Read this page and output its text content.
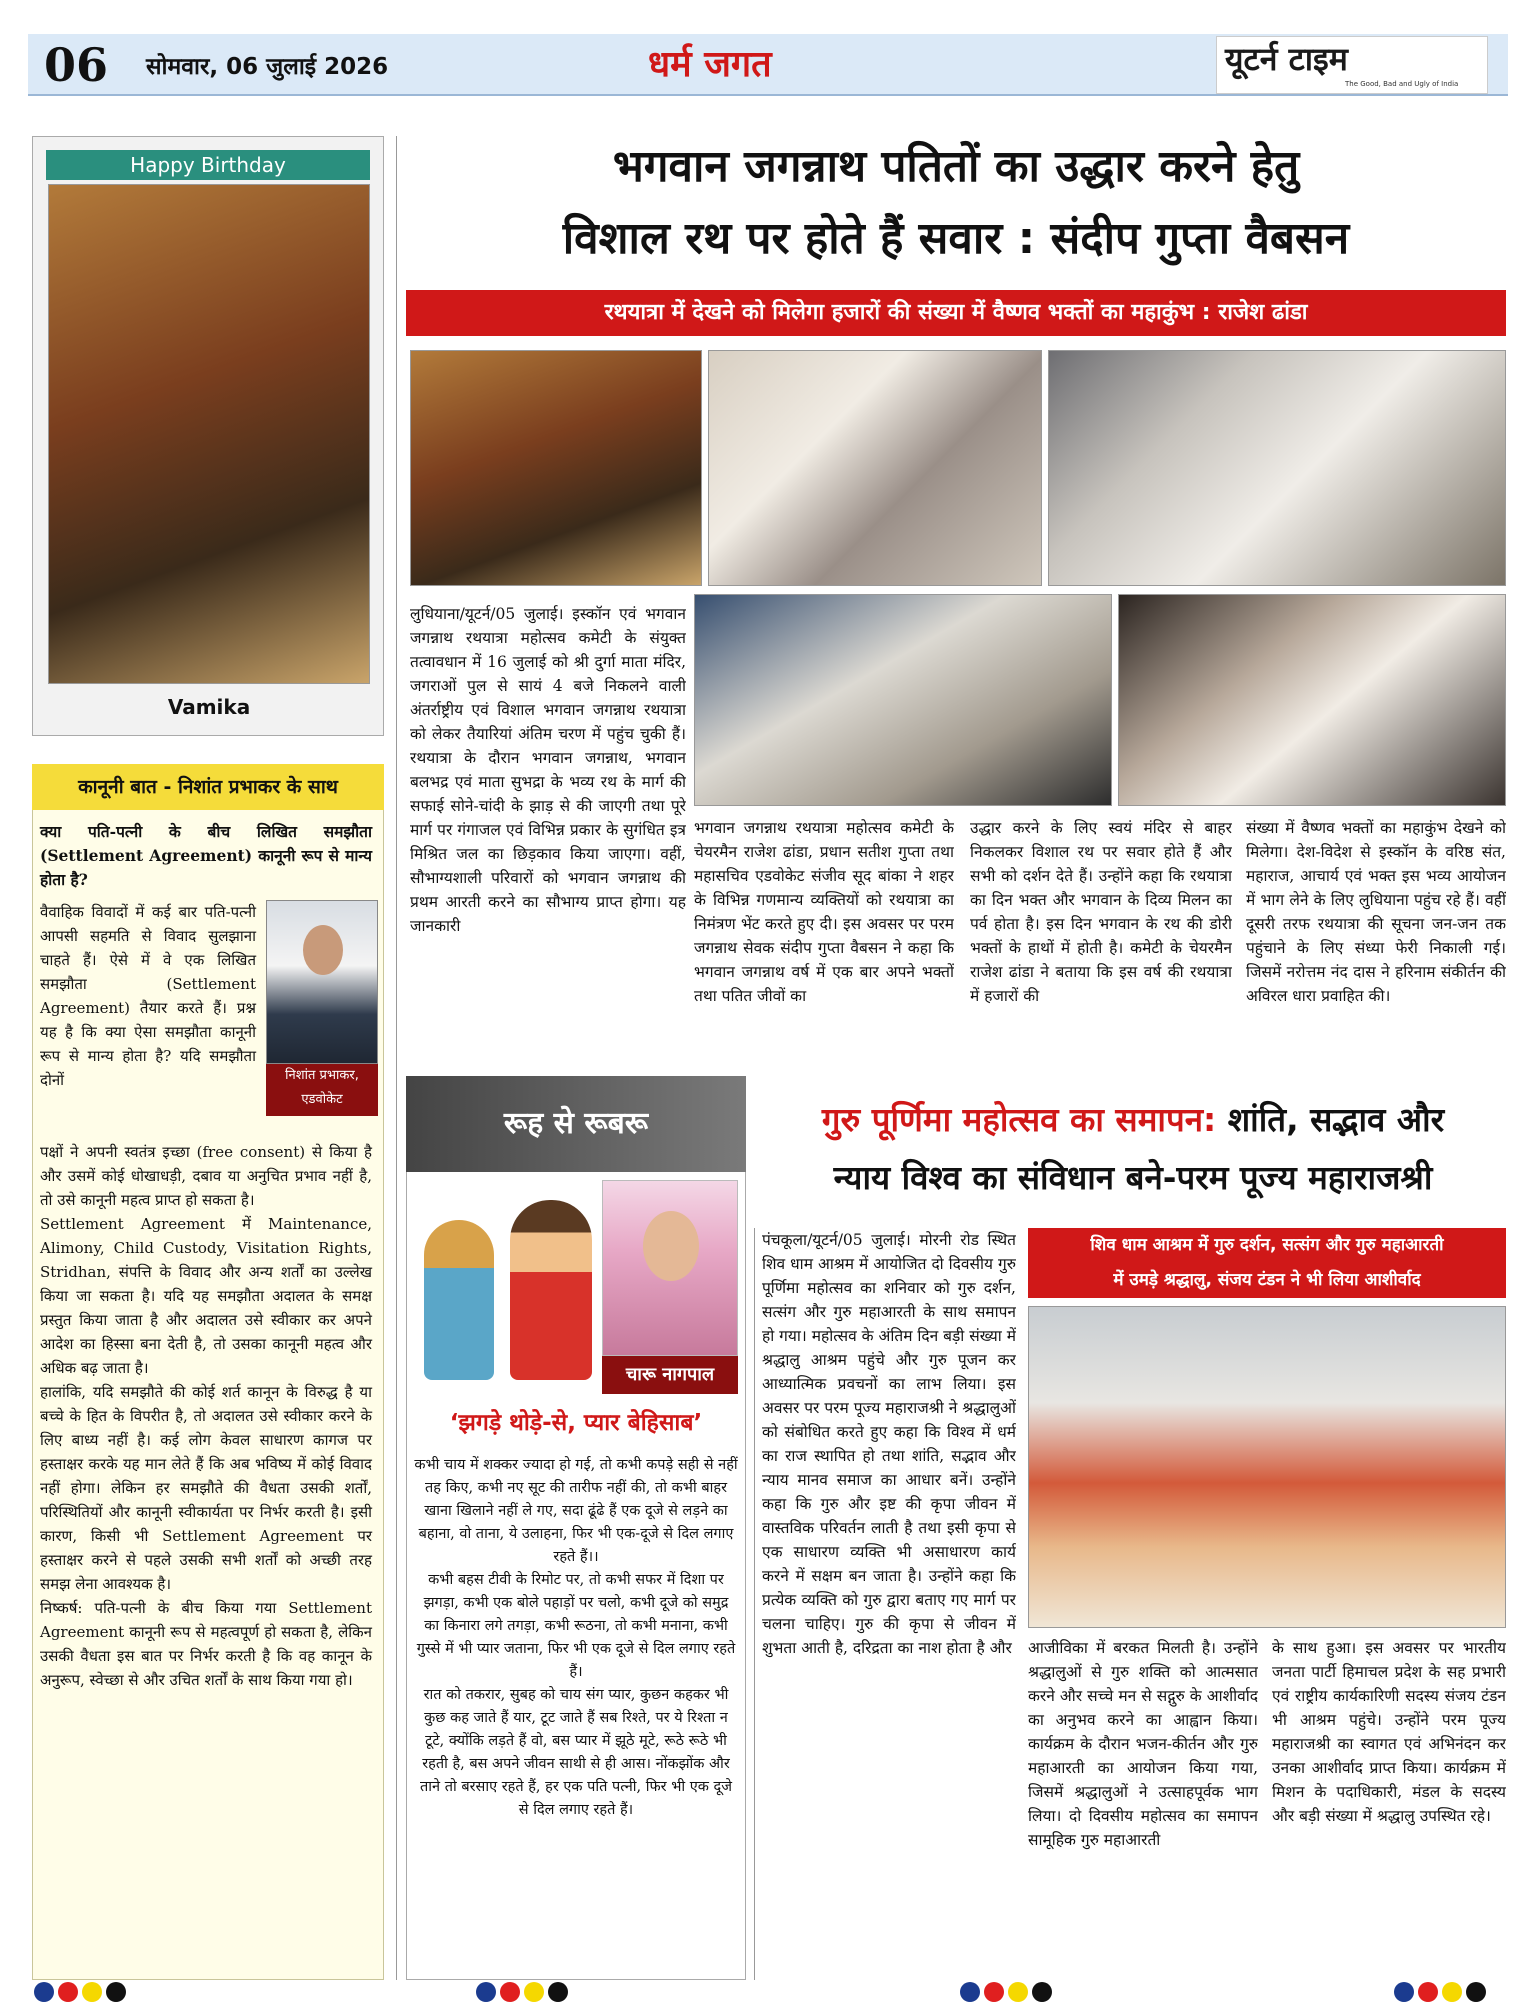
06 सोमवार, 06 जुलाई 2026	धर्म जगत	यूटर्न टाइम
The Good, Bad and Ugly of India
Happy Birthday
Vamika
कानूनी बात - निशांत प्रभाकर के साथ
निशांत प्रभाकर,
एडवोकेट

क्या पति-पत्नी के बीच लिखित समझौता (Settlement Agreement) कानूनी रूप से मान्य होता है?

वैवाहिक विवादों में कई बार पति-पत्नी आपसी सहमति से विवाद सुलझाना चाहते हैं। ऐसे में वे एक लिखित समझौता (Settlement Agreement) तैयार करते हैं। प्रश्न यह है कि क्या ऐसा समझौता कानूनी रूप से मान्य होता है? यदि समझौता दोनों

पक्षों ने अपनी स्वतंत्र इच्छा (free consent) से किया है और उसमें कोई धोखाधड़ी, दबाव या अनुचित प्रभाव नहीं है, तो उसे कानूनी महत्व प्राप्त हो सकता है।

Settlement Agreement में Maintenance, Alimony, Child Custody, Visitation Rights, Stridhan, संपत्ति के विवाद और अन्य शर्तों का उल्लेख किया जा सकता है। यदि यह समझौता अदालत के समक्ष प्रस्तुत किया जाता है और अदालत उसे स्वीकार कर अपने आदेश का हिस्सा बना देती है, तो उसका कानूनी महत्व और अधिक बढ़ जाता है।

हालांकि, यदि समझौते की कोई शर्त कानून के विरुद्ध है या बच्चे के हित के विपरीत है, तो अदालत उसे स्वीकार करने के लिए बाध्य नहीं है। कई लोग केवल साधारण कागज पर हस्ताक्षर करके यह मान लेते हैं कि अब भविष्य में कोई विवाद नहीं होगा। लेकिन हर समझौते की वैधता उसकी शर्तों, परिस्थितियों और कानूनी स्वीकार्यता पर निर्भर करती है। इसी कारण, किसी भी Settlement Agreement पर हस्ताक्षर करने से पहले उसकी सभी शर्तों को अच्छी तरह समझ लेना आवश्यक है।

निष्कर्ष: पति-पत्नी के बीच किया गया Settlement Agreement कानूनी रूप से महत्वपूर्ण हो सकता है, लेकिन उसकी वैधता इस बात पर निर्भर करती है कि वह कानून के अनुरूप, स्वेच्छा से और उचित शर्तों के साथ किया गया हो।

भगवान जगन्नाथ पतितों का उद्धार करने हेतु
विशाल रथ पर होते हैं सवार : संदीप गुप्ता वैबसन
रथयात्रा में देखने को मिलेगा हजारों की संख्या में वैष्णव भक्तों का महाकुंभ : राजेश ढांडा

लुधियाना/यूटर्न/05 जुलाई। इस्कॉन एवं भगवान जगन्नाथ रथयात्रा महोत्सव कमेटी के संयुक्त तत्वावधान में 16 जुलाई को श्री दुर्गा माता मंदिर, जगराओं पुल से सायं 4 बजे निकलने वाली अंतर्राष्ट्रीय एवं विशाल भगवान जगन्नाथ रथयात्रा को लेकर तैयारियां अंतिम चरण में पहुंच चुकी हैं। रथयात्रा के दौरान भगवान जगन्नाथ, भगवान बलभद्र एवं माता सुभद्रा के भव्य रथ के मार्ग की सफाई सोने-चांदी के झाड़ से की जाएगी तथा पूरे मार्ग पर गंगाजल एवं विभिन्न प्रकार के सुगंधित इत्र मिश्रित जल का छिड़काव किया जाएगा। वहीं, सौभाग्यशाली परिवारों को भगवान जगन्नाथ की प्रथम आरती करने का सौभाग्य प्राप्त होगा। यह जानकारी

भगवान जगन्नाथ रथयात्रा महोत्सव कमेटी के चेयरमैन राजेश ढांडा, प्रधान सतीश गुप्ता तथा महासचिव एडवोकेट संजीव सूद बांका ने शहर के विभिन्न गणमान्य व्यक्तियों को रथयात्रा का निमंत्रण भेंट करते हुए दी। इस अवसर पर परम जगन्नाथ सेवक संदीप गुप्ता वैबसन ने कहा कि भगवान जगन्नाथ वर्ष में एक बार अपने भक्तों तथा पतित जीवों का

उद्धार करने के लिए स्वयं मंदिर से बाहर निकलकर विशाल रथ पर सवार होते हैं और सभी को दर्शन देते हैं। उन्होंने कहा कि रथयात्रा का दिन भक्त और भगवान के दिव्य मिलन का पर्व होता है। इस दिन भगवान के रथ की डोरी भक्तों के हाथों में होती है। कमेटी के चेयरमैन राजेश ढांडा ने बताया कि इस वर्ष की रथयात्रा में हजारों की

संख्या में वैष्णव भक्तों का महाकुंभ देखने को मिलेगा। देश-विदेश से इस्कॉन के वरिष्ठ संत, महाराज, आचार्य एवं भक्त इस भव्य आयोजन में भाग लेने के लिए लुधियाना पहुंच रहे हैं। वहीं दूसरी तरफ रथयात्रा की सूचना जन-जन तक पहुंचाने के लिए संध्या फेरी निकाली गई। जिसमें नरोत्तम नंद दास ने हरिनाम संकीर्तन की अविरल धारा प्रवाहित की।

रूह से रूबरू
चारू नागपाल
‘झगड़े थोड़े-से, प्यार बेहिसाब’

कभी चाय में शक्कर ज्यादा हो गई, तो कभी कपड़े सही से नहीं तह किए, कभी नए सूट की तारीफ नहीं की, तो कभी बाहर खाना खिलाने नहीं ले गए, सदा ढूंढे हैं एक दूजे से लड़ने का बहाना, वो ताना, ये उलाहना, फिर भी एक-दूजे से दिल लगाए रहते हैं।।

कभी बहस टीवी के रिमोट पर, तो कभी सफर में दिशा पर झगड़ा, कभी एक बोले पहाड़ों पर चलो, कभी दूजे को समुद्र का किनारा लगे तगड़ा, कभी रूठना, तो कभी मनाना, कभी गुस्से में भी प्यार जताना, फिर भी एक दूजे से दिल लगाए रहते हैं।

रात को तकरार, सुबह को चाय संग प्यार, कुछन कहकर भी कुछ कह जाते हैं यार, टूट जाते हैं सब रिश्ते, पर ये रिश्ता न टूटे, क्योंकि लड़ते हैं वो, बस प्यार में झूठे मूटे, रूठे रूठे भी रहती है, बस अपने जीवन साथी से ही आस। नोंकझोंक और ताने तो बरसाए रहते हैं, हर एक पति पत्नी, फिर भी एक दूजे से दिल लगाए रहते हैं।

गुरु पूर्णिमा महोत्सव का समापन: शांति, सद्भाव और
न्याय विश्व का संविधान बने-परम पूज्य महाराजश्री
शिव धाम आश्रम में गुरु दर्शन, सत्संग और गुरु महाआरती
में उमड़े श्रद्धालु, संजय टंडन ने भी लिया आशीर्वाद

पंचकूला/यूटर्न/05 जुलाई। मोरनी रोड स्थित शिव धाम आश्रम में आयोजित दो दिवसीय गुरु पूर्णिमा महोत्सव का शनिवार को गुरु दर्शन, सत्संग और गुरु महाआरती के साथ समापन हो गया। महोत्सव के अंतिम दिन बड़ी संख्या में श्रद्धालु आश्रम पहुंचे और गुरु पूजन कर आध्यात्मिक प्रवचनों का लाभ लिया। इस अवसर पर परम पूज्य महाराजश्री ने श्रद्धालुओं को संबोधित करते हुए कहा कि विश्व में धर्म का राज स्थापित हो तथा शांति, सद्भाव और न्याय मानव समाज का आधार बनें। उन्होंने कहा कि गुरु और इष्ट की कृपा जीवन में वास्तविक परिवर्तन लाती है तथा इसी कृपा से एक साधारण व्यक्ति भी असाधारण कार्य करने में सक्षम बन जाता है। उन्होंने कहा कि प्रत्येक व्यक्ति को गुरु द्वारा बताए गए मार्ग पर चलना चाहिए। गुरु की कृपा से जीवन में शुभता आती है, दरिद्रता का नाश होता है और आजीविका में बरकत मिलती है। उन्होंने श्रद्धालुओं से गुरु शक्ति को आत्मसात करने और सच्चे मन से सद्गुरु के आशीर्वाद का अनुभव करने का आह्वान किया। कार्यक्रम के दौरान भजन-कीर्तन और गुरु महाआरती का आयोजन किया गया, जिसमें श्रद्धालुओं ने उत्साहपूर्वक भाग लिया। दो दिवसीय महोत्सव का समापन सामूहिक गुरु महाआरती

के साथ हुआ। इस अवसर पर भारतीय जनता पार्टी हिमाचल प्रदेश के सह प्रभारी एवं राष्ट्रीय कार्यकारिणी सदस्य संजय टंडन भी आश्रम पहुंचे। उन्होंने परम पूज्य महाराजश्री का स्वागत एवं अभिनंदन कर उनका आशीर्वाद प्राप्त किया। कार्यक्रम में मिशन के पदाधिकारी, मंडल के सदस्य और बड़ी संख्या में श्रद्धालु उपस्थित रहे।
